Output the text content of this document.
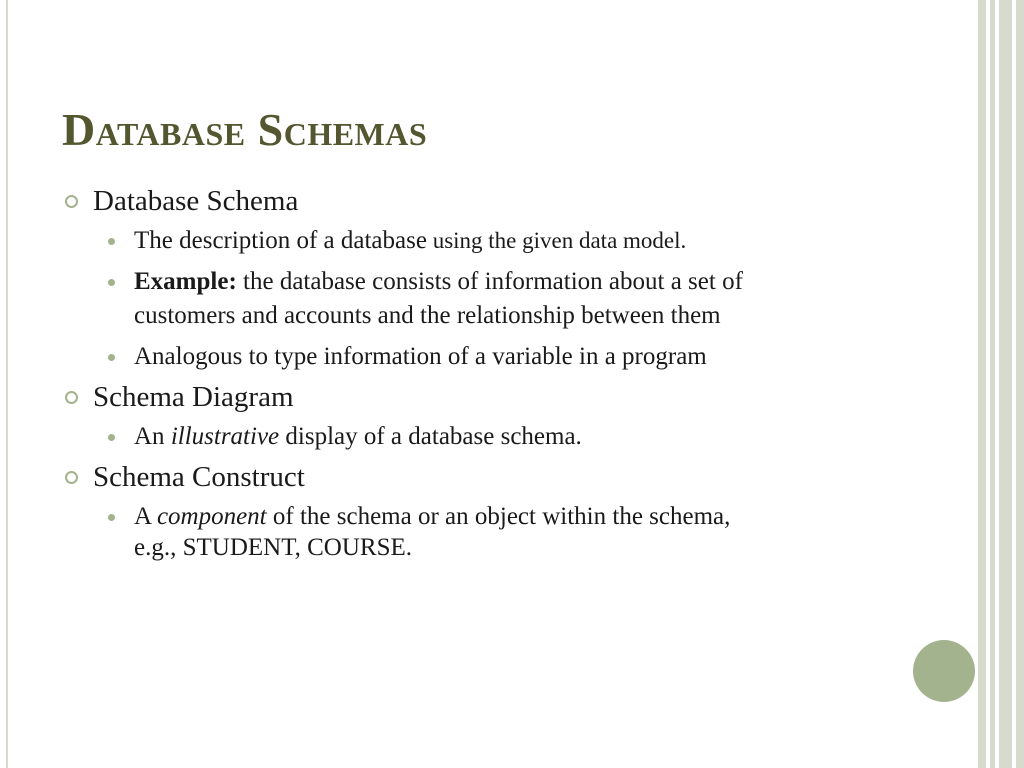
Database Schemas
Database Schema
The description of a database using the given data model.
Example: the database consists of information about a set of
customers and accounts and the relationship between them
Analogous to type information of a variable in a program
Schema Diagram
An illustrative display of a database schema.
Schema Construct
A component of the schema or an object within the schema,
e.g., STUDENT, COURSE.
